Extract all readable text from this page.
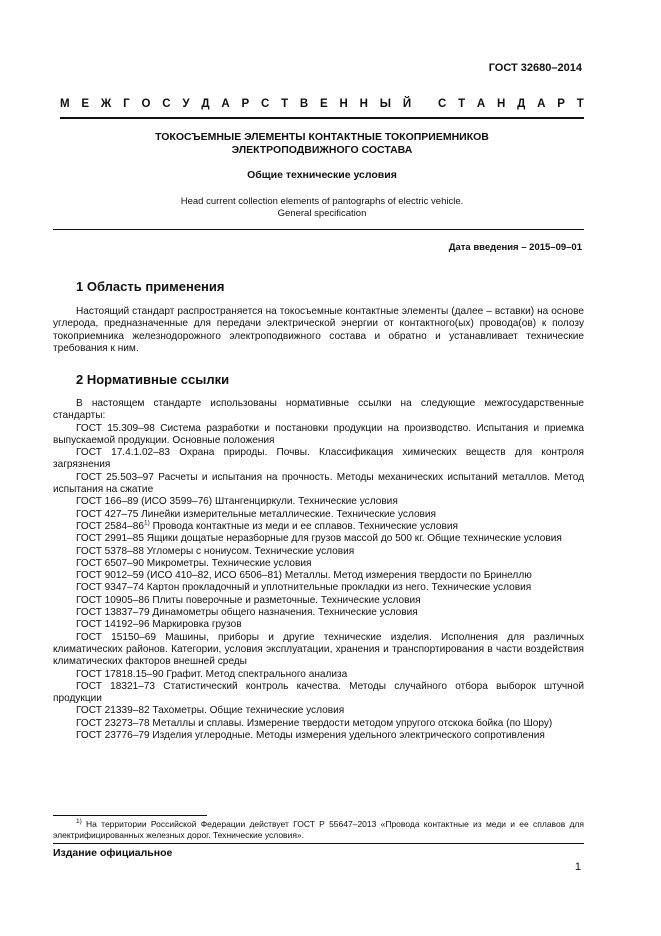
ГОСТ 32680–2014
М Е Ж Г О С У Д А Р С Т В Е Н Н Ы Й
С Т А Н Д А Р Т
ТОКОСЪЕМНЫЕ ЭЛЕМЕНТЫ КОНТАКТНЫЕ ТОКОПРИЕМНИКОВ
ЭЛЕКТРОПОДВИЖНОГО СОСТАВА
Общие технические условия
Head current collection elements of pantographs of electric vehicle.
General specification
Дата введения – 2015–09–01
1 Область применения

Настоящий стандарт распространяется на токосъемные контактные элементы (далее – вставки) на основе углерода, предназначенные для передачи электрической энергии от контактного(ых) провода(ов) к полозу токоприемника железнодорожного электроподвижного состава и обратно и устанавливает технические требования к ним.

2 Нормативные ссылки

В настоящем стандарте использованы нормативные ссылки на следующие межгосударственные стандарты:

ГОСТ 15.309–98 Система разработки и постановки продукции на производство. Испытания и приемка выпускаемой продукции. Основные положения

ГОСТ 17.4.1.02–83 Охрана природы. Почвы. Классификация химических веществ для контроля загрязнения

ГОСТ 25.503–97 Расчеты и испытания на прочность. Методы механических испытаний металлов. Метод испытания на сжатие

ГОСТ 166–89 (ИСО 3599–76) Штангенциркули. Технические условия

ГОСТ 427–75 Линейки измерительные металлические. Технические условия

ГОСТ 2584–86$^{1)}$ Провода контактные из меди и ее сплавов. Технические условия

ГОСТ 2991–85 Ящики дощатые неразборные для грузов массой до 500 кг. Общие технические условия

ГОСТ 5378–88 Угломеры с нониусом. Технические условия

ГОСТ 6507–90 Микрометры. Технические условия

ГОСТ 9012–59 (ИСО 410–82, ИСО 6506–81) Металлы. Метод измерения твердости по Бринеллю

ГОСТ 9347–74 Картон прокладочный и уплотнительные прокладки из него. Технические условия

ГОСТ 10905–86 Плиты поверочные и разметочные. Технические условия

ГОСТ 13837–79 Динамометры общего назначения. Технические условия

ГОСТ 14192–96 Маркировка грузов

ГОСТ 15150–69 Машины, приборы и другие технические изделия. Исполнения для различных климатических районов. Категории, условия эксплуатации, хранения и транспортирования в части воздействия климатических факторов внешней среды

ГОСТ 17818.15–90 Графит. Метод спектрального анализа

ГОСТ 18321–73 Статистический контроль качества. Методы случайного отбора выборок штучной продукции

ГОСТ 21339–82 Тахометры. Общие технические условия

ГОСТ 23273–78 Металлы и сплавы. Измерение твердости методом упругого отскока бойка (по Шору)

ГОСТ 23776–79 Изделия углеродные. Методы измерения удельного электрического сопротивления

$^{1)}$ На территории Российской Федерации действует ГОСТ Р 55647–2013 «Провода контактные из меди и ее сплавов для электрифицированных железных дорог. Технические условия».
Издание официальное
1
